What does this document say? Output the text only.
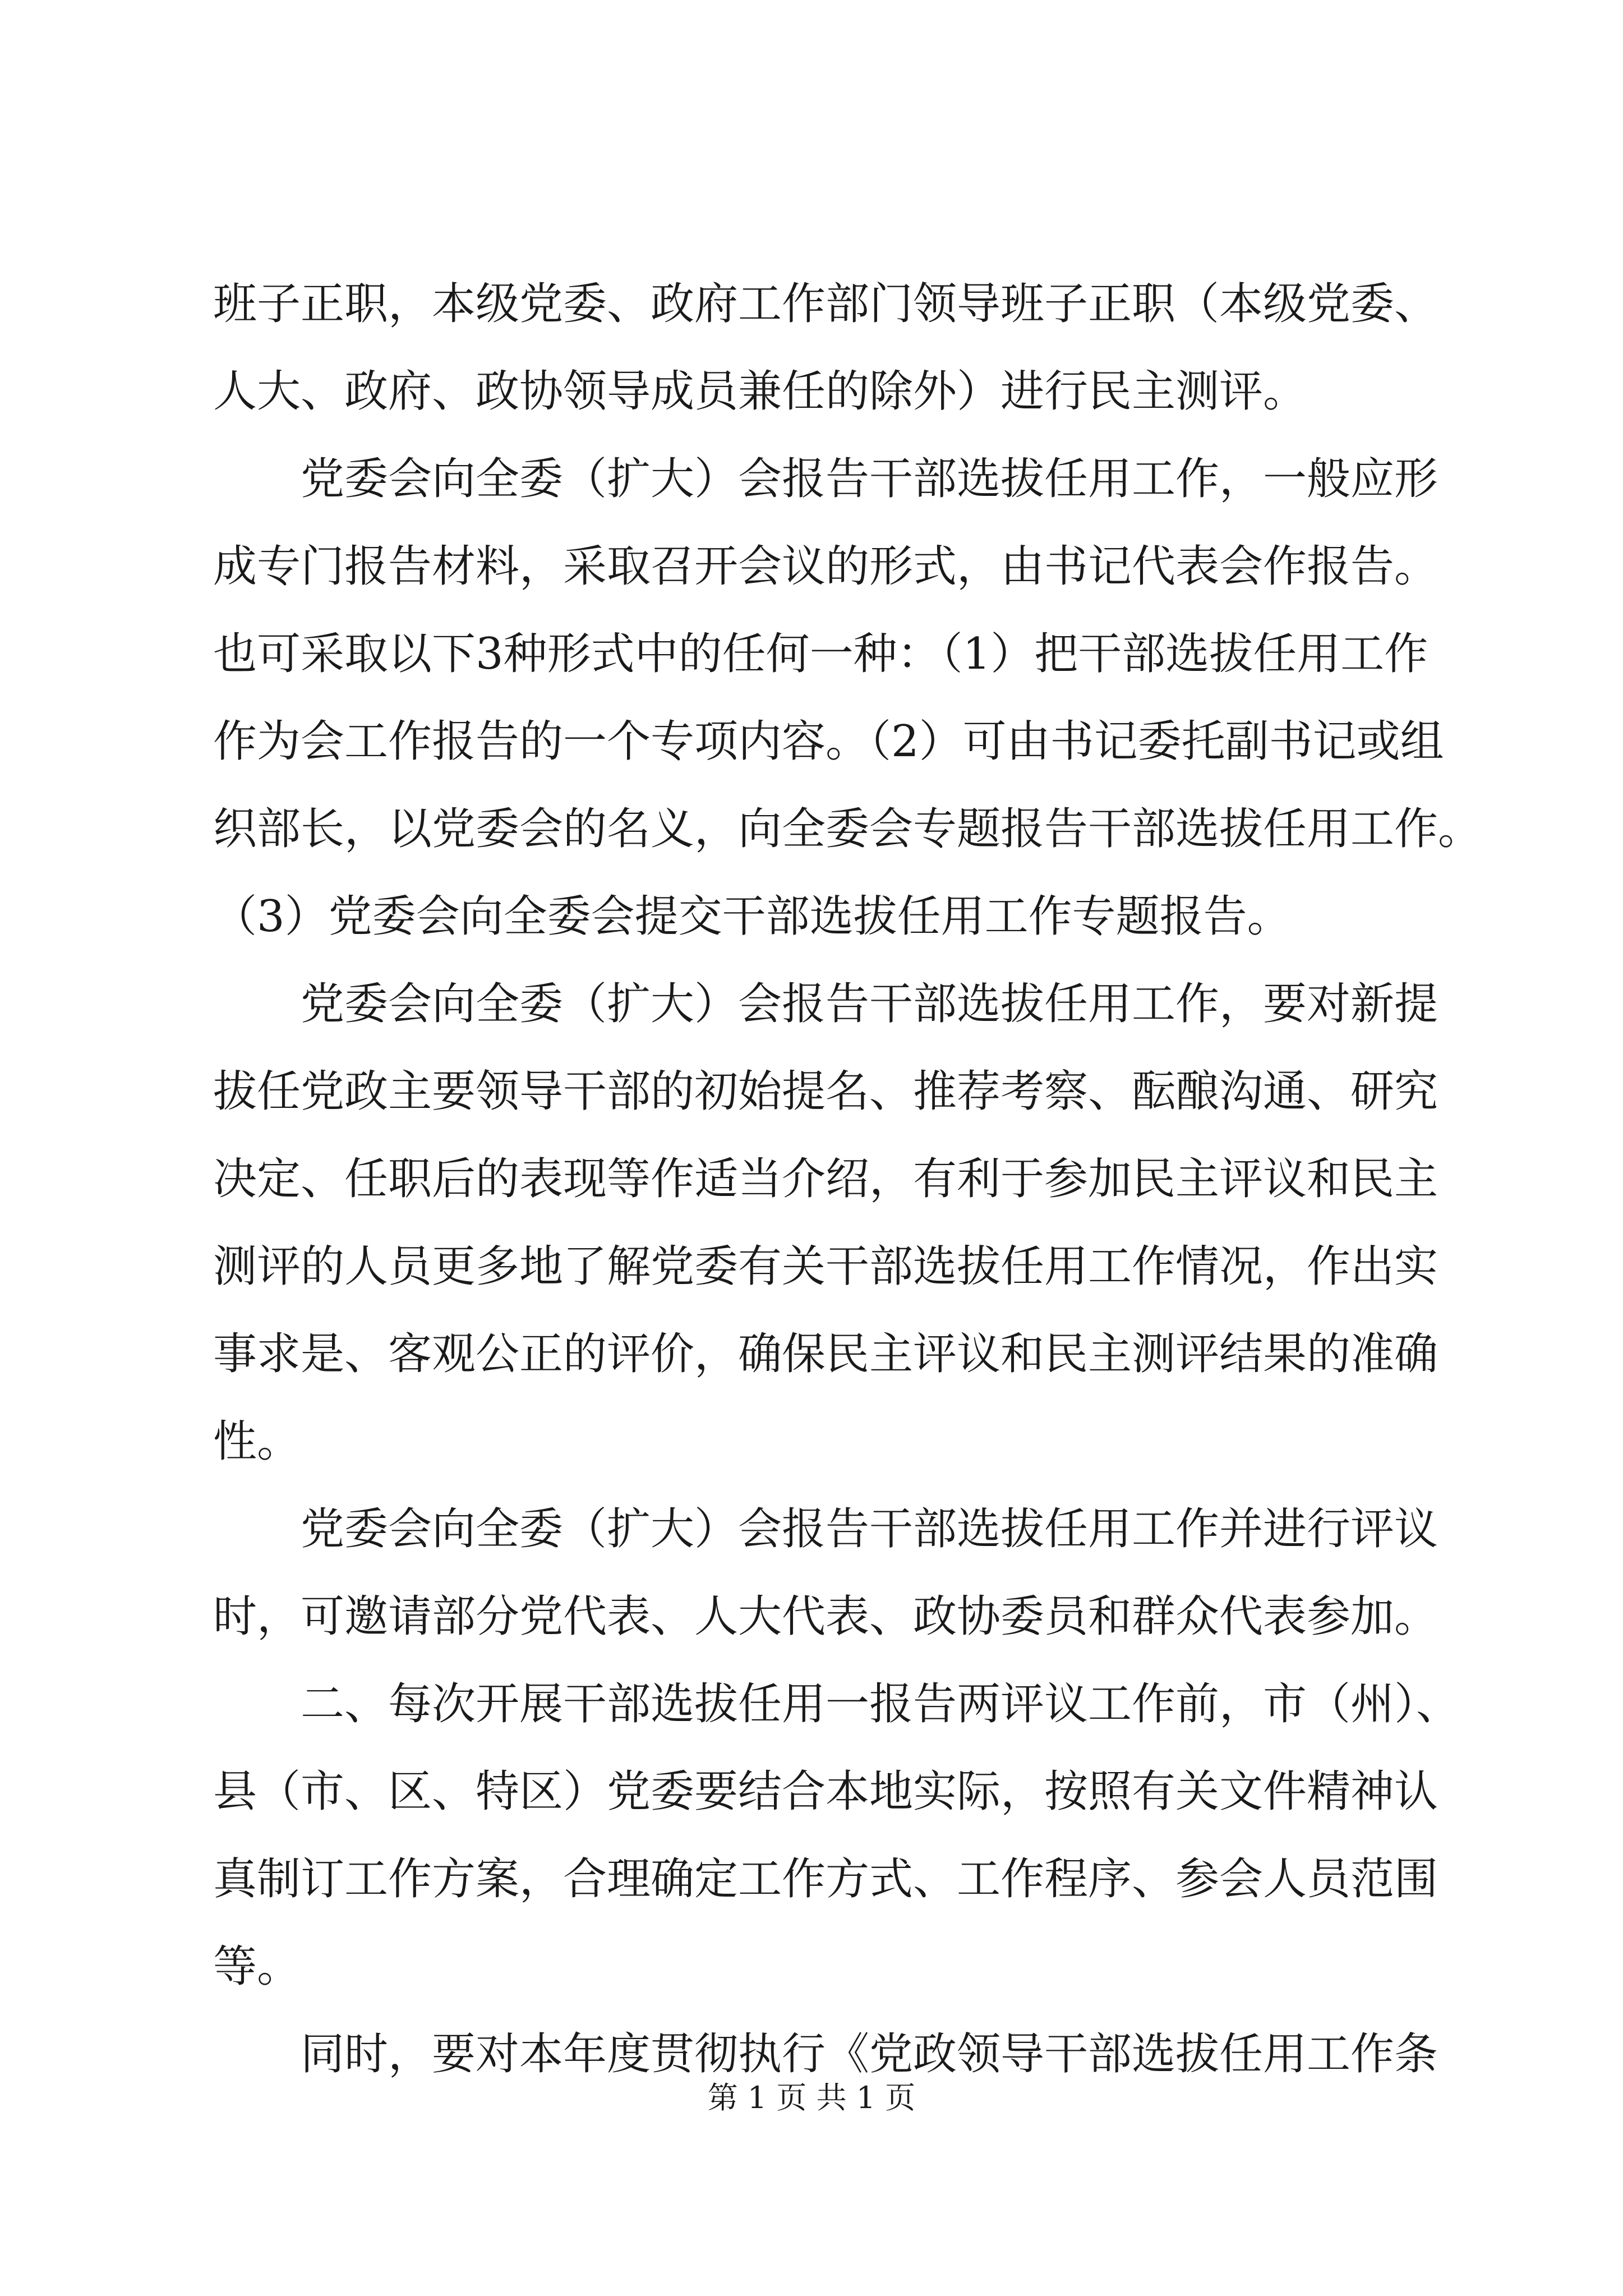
班子正职，本级党委、政府工作部门领导班子正职（本级党委、
人大、政府、政协领导成员兼任的除外）进行民主测评。
党委会向全委（扩大）会报告干部选拔任用工作，一般应形
成专门报告材料，采取召开会议的形式，由书记代表会作报告。
也可采取以下3种形式中的任何一种：（1）把干部选拔任用工作
作为会工作报告的一个专项内容。（2）可由书记委托副书记或组
织部长，以党委会的名义，向全委会专题报告干部选拔任用工作。
（3）党委会向全委会提交干部选拔任用工作专题报告。
党委会向全委（扩大）会报告干部选拔任用工作，要对新提
拔任党政主要领导干部的初始提名、推荐考察、酝酿沟通、研究
决定、任职后的表现等作适当介绍，有利于参加民主评议和民主
测评的人员更多地了解党委有关干部选拔任用工作情况，作出实
事求是、客观公正的评价，确保民主评议和民主测评结果的准确
性。
党委会向全委（扩大）会报告干部选拔任用工作并进行评议
时，可邀请部分党代表、人大代表、政协委员和群众代表参加。
二、每次开展干部选拔任用一报告两评议工作前，市（州）、
县（市、区、特区）党委要结合本地实际，按照有关文件精神认
真制订工作方案，合理确定工作方式、工作程序、参会人员范围
等。
同时，要对本年度贯彻执行《党政领导干部选拔任用工作条
第 1 页 共 1 页
